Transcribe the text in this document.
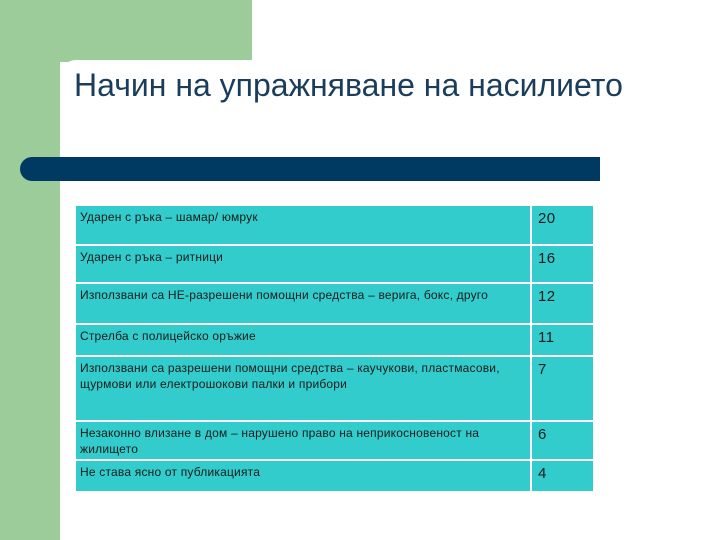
Начин на упражняване на насилието
Ударен с ръка – шамар/ юмрук	20
Ударен с ръка – ритници	16
Използвани са НЕ-разрешени помощни средства – верига, бокс, друго	12
Стрелба с полицейско оръжие	11
Използвани са разрешени помощни средства – каучукови, пластмасови, щурмови или електрошокови палки и прибори	7
Незаконно влизане в дом – нарушено право на неприкосновеност на жилището	6
Не става ясно от публикацията	4
